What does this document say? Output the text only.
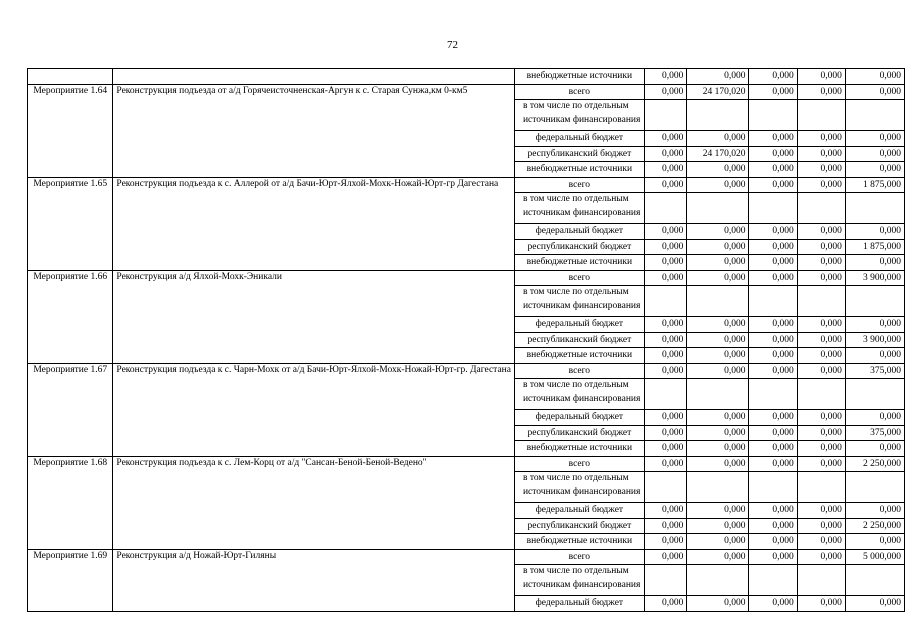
72
		внебюджетные источники	0,000	0,000	0,000	0,000	0,000
Мероприятие 1.64	Реконструкция подъезда от а/д Горячеисточненская-Аргун к с. Старая Сунжа,км 0-км5	всего	0,000	24 170,020	0,000	0,000	0,000
		в том числе по отдельным источникам финансирования					
		федеральный бюджет	0,000	0,000	0,000	0,000	0,000
		республиканский бюджет	0,000	24 170,020	0,000	0,000	0,000
		внебюджетные источники	0,000	0,000	0,000	0,000	0,000
Мероприятие 1.65	Реконструкция подъезда к с. Аллерой от а/д Бачи-Юрт-Ялхой-Мохк-Ножай-Юрт-гр Дагестана	всего	0,000	0,000	0,000	0,000	1 875,000
		в том числе по отдельным источникам финансирования					
		федеральный бюджет	0,000	0,000	0,000	0,000	0,000
		республиканский бюджет	0,000	0,000	0,000	0,000	1 875,000
		внебюджетные источники	0,000	0,000	0,000	0,000	0,000
Мероприятие 1.66	Реконструкция а/д Ялхой-Мохк-Эникали	всего	0,000	0,000	0,000	0,000	3 900,000
		в том числе по отдельным источникам финансирования					
		федеральный бюджет	0,000	0,000	0,000	0,000	0,000
		республиканский бюджет	0,000	0,000	0,000	0,000	3 900,000
		внебюджетные источники	0,000	0,000	0,000	0,000	0,000
Мероприятие 1.67	Реконструкция подъезда к с. Чарн-Мохк от а/д Бачи-Юрт-Ялхой-Мохк-Ножай-Юрт-гр. Дагестана	всего	0,000	0,000	0,000	0,000	375,000
		в том числе по отдельным источникам финансирования					
		федеральный бюджет	0,000	0,000	0,000	0,000	0,000
		республиканский бюджет	0,000	0,000	0,000	0,000	375,000
		внебюджетные источники	0,000	0,000	0,000	0,000	0,000
Мероприятие 1.68	Реконструкция подъезда к с. Лем-Корц от а/д "Сансан-Беной-Беной-Ведено"	всего	0,000	0,000	0,000	0,000	2 250,000
		в том числе по отдельным источникам финансирования					
		федеральный бюджет	0,000	0,000	0,000	0,000	0,000
		республиканский бюджет	0,000	0,000	0,000	0,000	2 250,000
		внебюджетные источники	0,000	0,000	0,000	0,000	0,000
Мероприятие 1.69	Реконструкция а/д Ножай-Юрт-Гиляны	всего	0,000	0,000	0,000	0,000	5 000,000
		в том числе по отдельным источникам финансирования					
		федеральный бюджет	0,000	0,000	0,000	0,000	0,000
